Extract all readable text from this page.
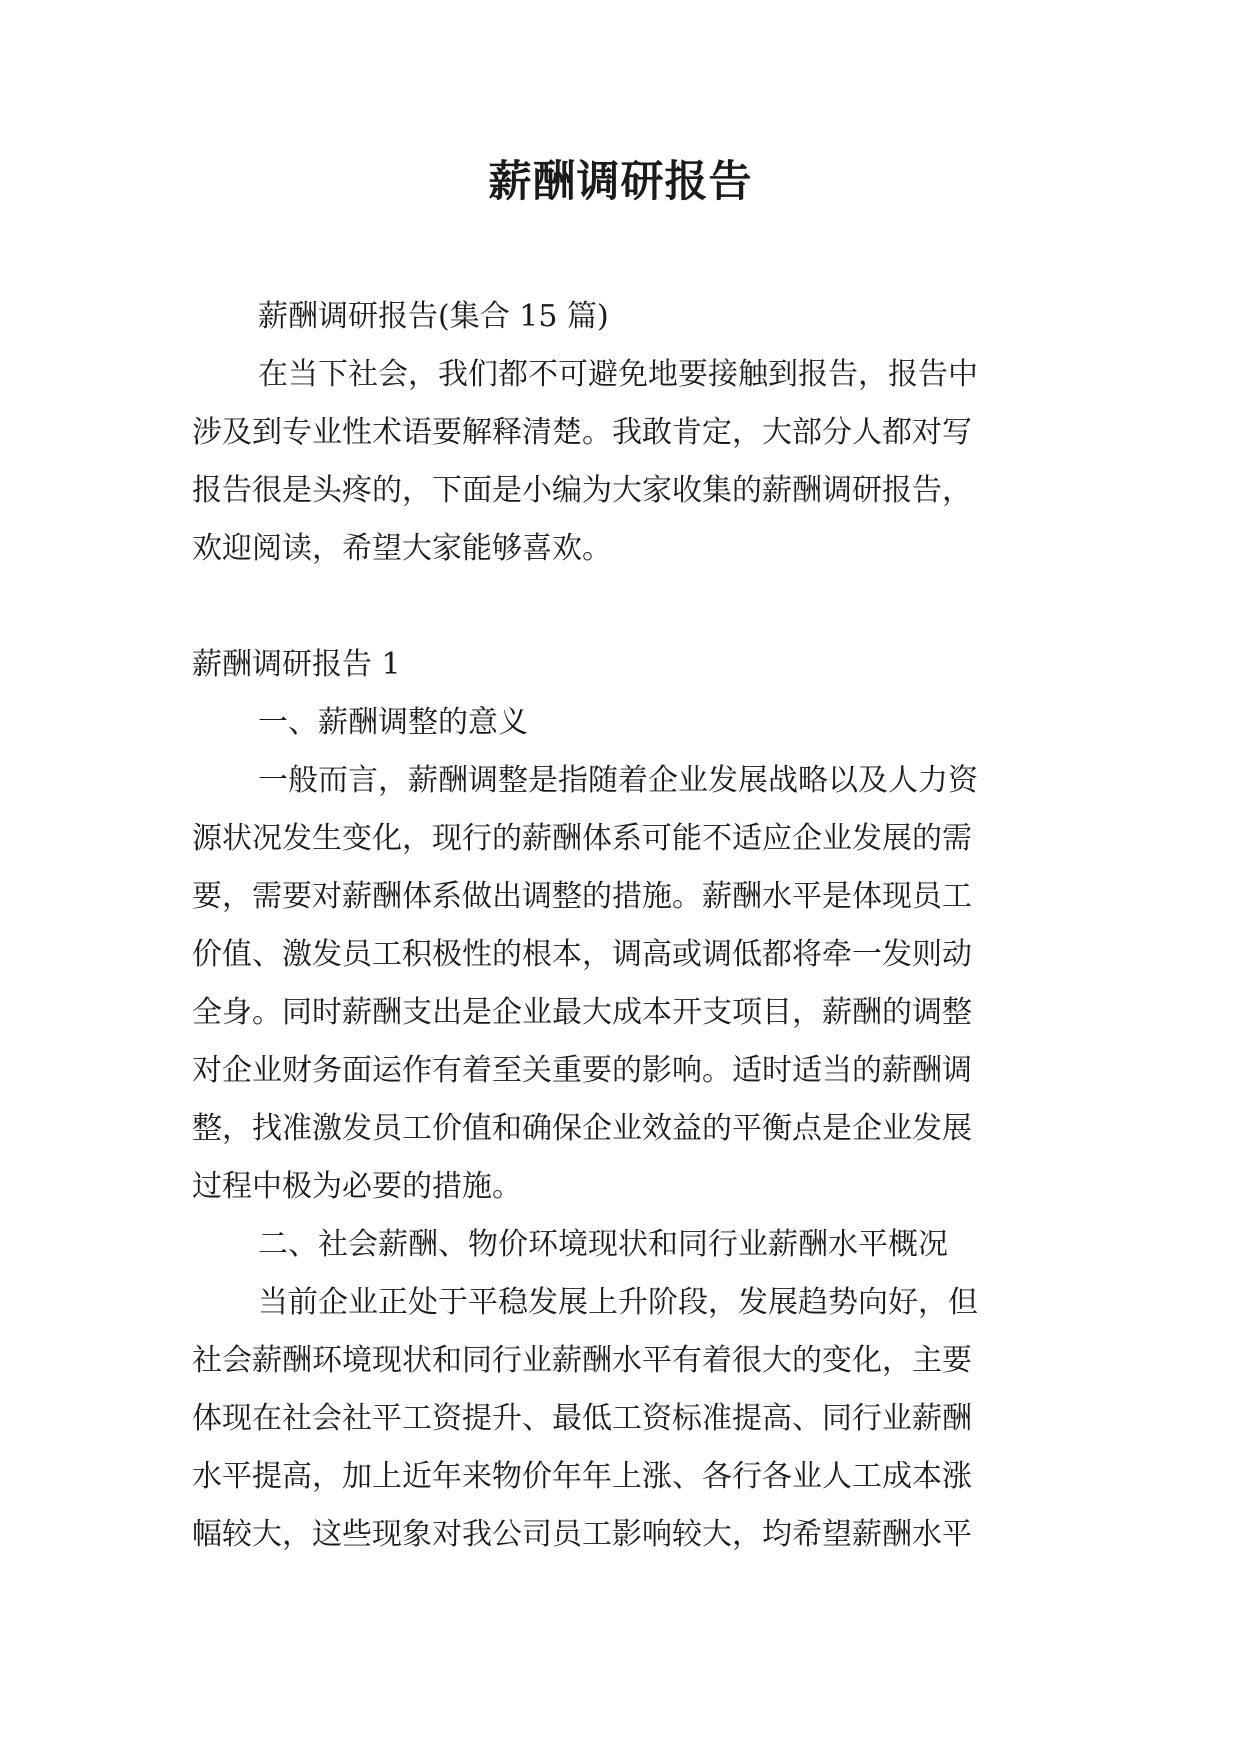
薪酬调研报告

薪酬调研报告(集合 15 篇)

在当下社会，我们都不可避免地要接触到报告，报告中

涉及到专业性术语要解释清楚。我敢肯定，大部分人都对写

报告很是头疼的，下面是小编为大家收集的薪酬调研报告，

欢迎阅读，希望大家能够喜欢。

薪酬调研报告 1

一、薪酬调整的意义

一般而言，薪酬调整是指随着企业发展战略以及人力资

源状况发生变化，现行的薪酬体系可能不适应企业发展的需

要，需要对薪酬体系做出调整的措施。薪酬水平是体现员工

价值、激发员工积极性的根本，调高或调低都将牵一发则动

全身。同时薪酬支出是企业最大成本开支项目，薪酬的调整

对企业财务面运作有着至关重要的影响。适时适当的薪酬调

整，找准激发员工价值和确保企业效益的平衡点是企业发展

过程中极为必要的措施。

二、社会薪酬、物价环境现状和同行业薪酬水平概况

当前企业正处于平稳发展上升阶段，发展趋势向好，但

社会薪酬环境现状和同行业薪酬水平有着很大的变化，主要

体现在社会社平工资提升、最低工资标准提高、同行业薪酬

水平提高，加上近年来物价年年上涨、各行各业人工成本涨

幅较大，这些现象对我公司员工影响较大，均希望薪酬水平
